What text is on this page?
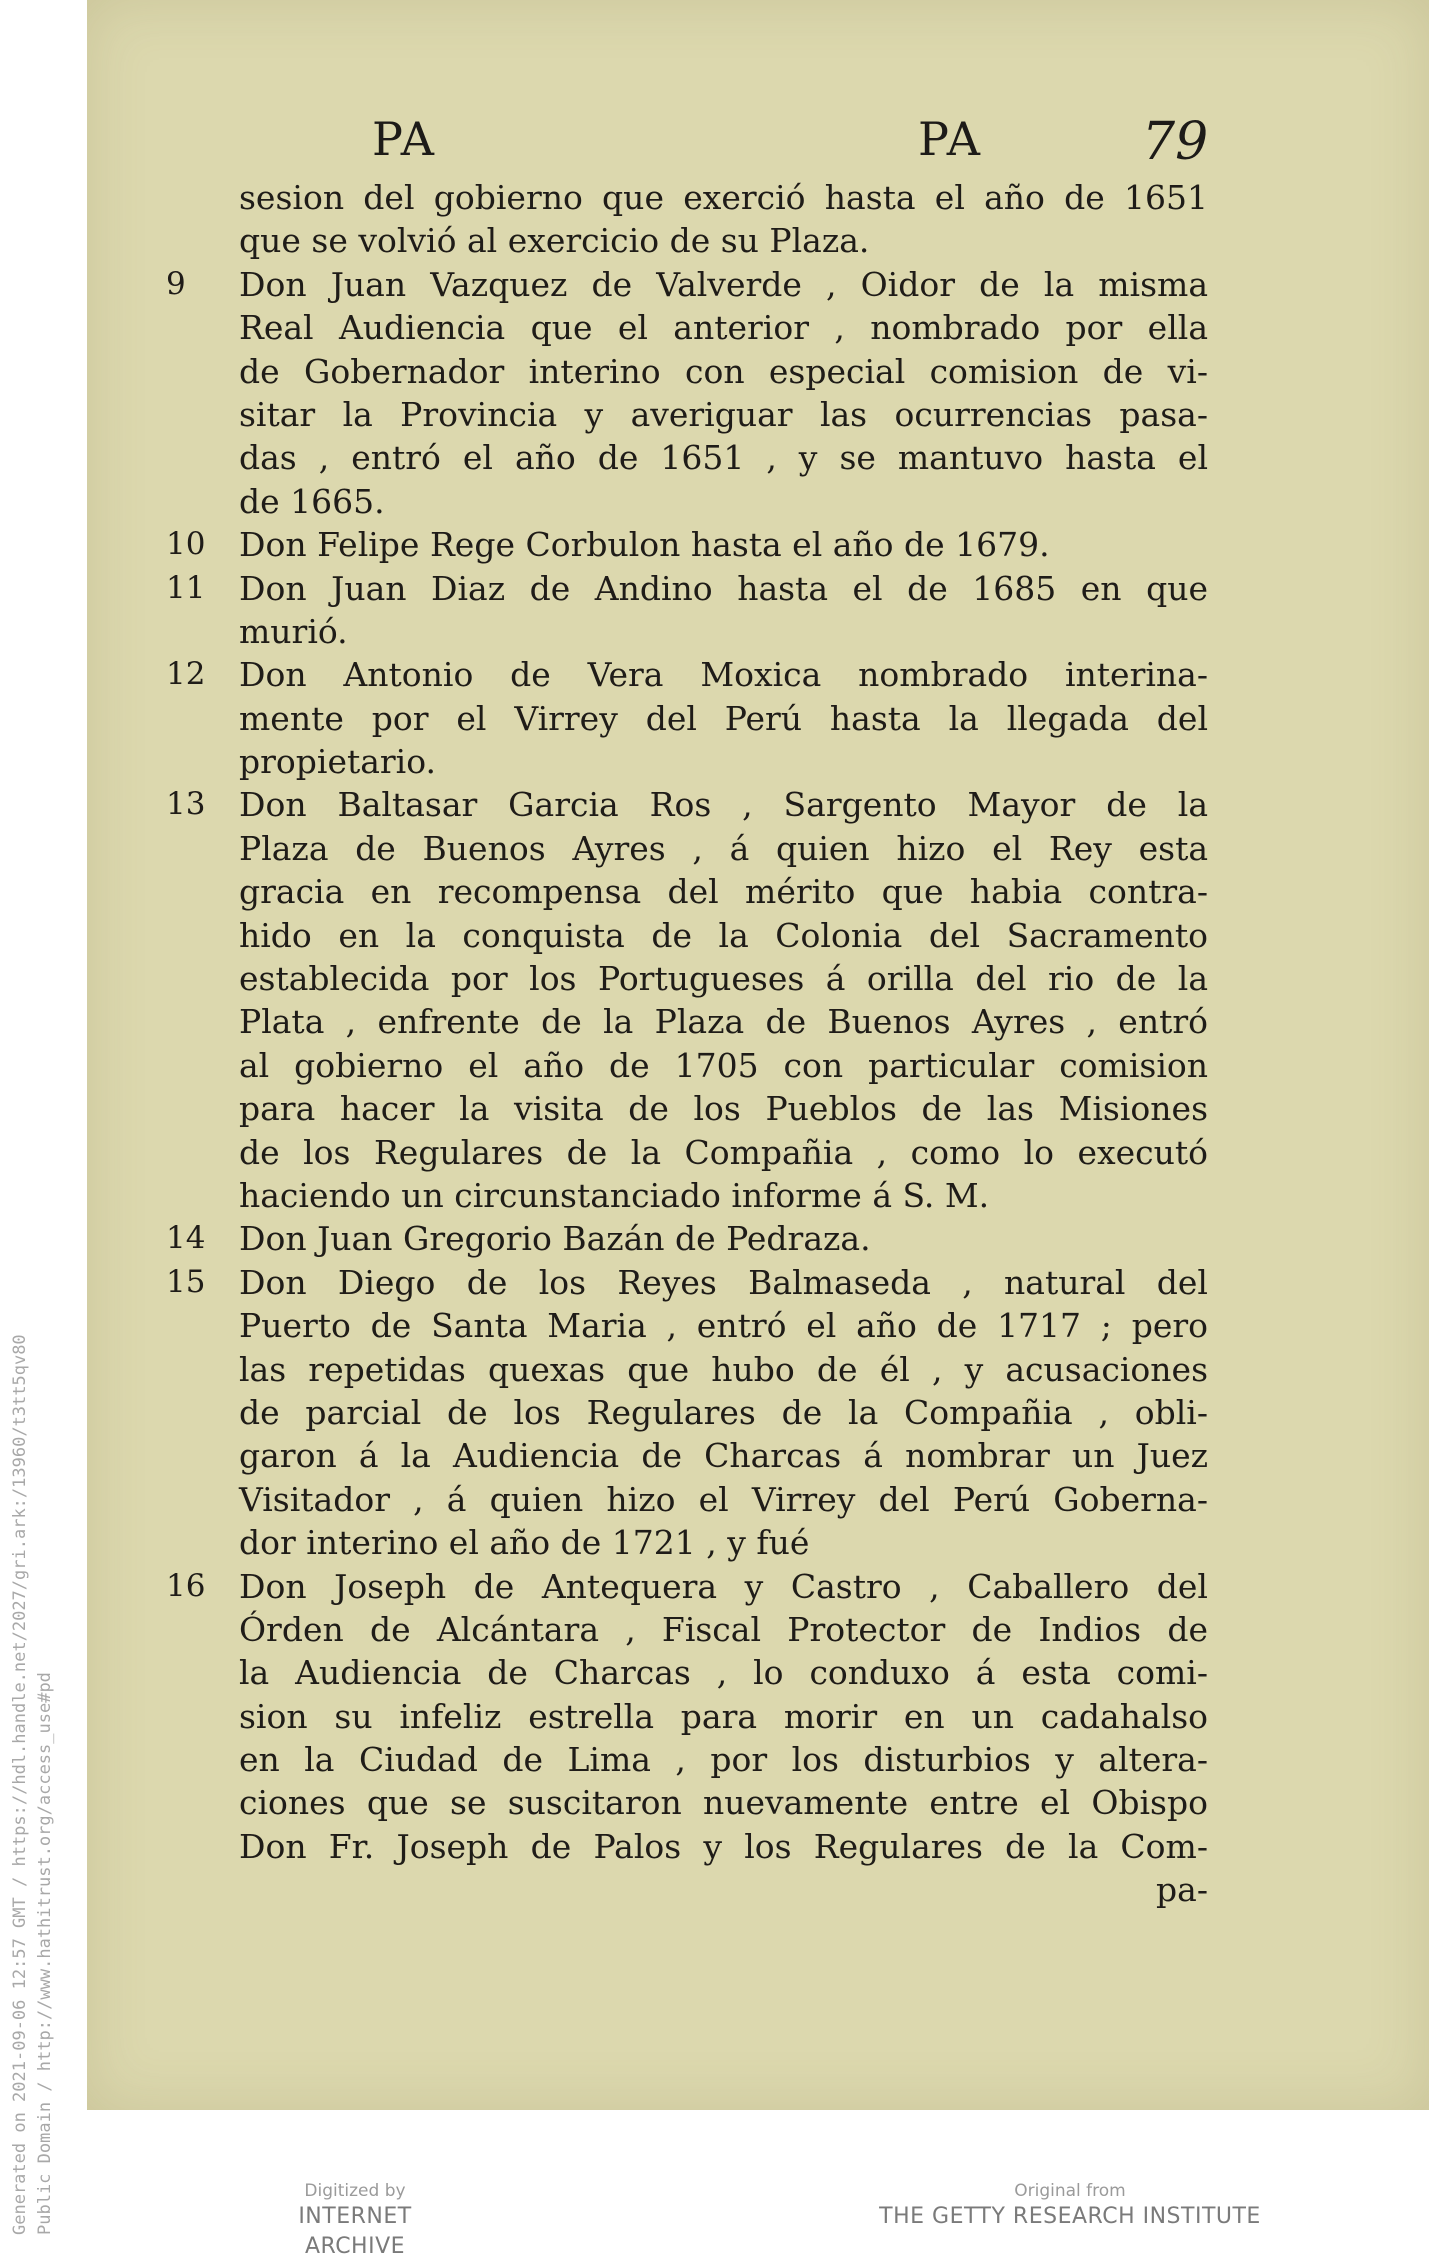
Generated on 2021-09-06 12:57 GMT / https://hdl.handle.net/2027/gri.ark:/13960/t3tt5qv80 Public Domain / http://www.hathitrust.org/access_use#pd
PA	PA	79
sesion del gobierno que exerció hasta el año de 1651
que se volvió al exercicio de su Plaza.
9	Don Juan Vazquez de Valverde , Oidor de la misma
Real Audiencia que el anterior , nombrado por ella
de Gobernador interino con especial comision de vi-
sitar la Provincia y averiguar las ocurrencias pasa-
das , entró el año de 1651 , y se mantuvo hasta el
de 1665.
10	Don Felipe Rege Corbulon hasta el año de 1679.
11	Don Juan Diaz de Andino hasta el de 1685 en que
murió.
12	Don Antonio de Vera Moxica nombrado interina-
mente por el Virrey del Perú hasta la llegada del
propietario.
13	Don Baltasar Garcia Ros , Sargento Mayor de la
Plaza de Buenos Ayres , á quien hizo el Rey esta
gracia en recompensa del mérito que habia contra-
hido en la conquista de la Colonia del Sacramento
establecida por los Portugueses á orilla del rio de la
Plata , enfrente de la Plaza de Buenos Ayres , entró
al gobierno el año de 1705 con particular comision
para hacer la visita de los Pueblos de las Misiones
de los Regulares de la Compañia , como lo executó
haciendo un circunstanciado informe á S. M.
14	Don Juan Gregorio Bazán de Pedraza.
15	Don Diego de los Reyes Balmaseda , natural del
Puerto de Santa Maria , entró el año de 1717 ; pero
las repetidas quexas que hubo de él , y acusaciones
de parcial de los Regulares de la Compañia , obli-
garon á la Audiencia de Charcas á nombrar un Juez
Visitador , á quien hizo el Virrey del Perú Goberna-
dor interino el año de 1721 , y fué
16	Don Joseph de Antequera y Castro , Caballero del
Órden de Alcántara , Fiscal Protector de Indios de
la Audiencia de Charcas , lo conduxo á esta comi-
sion su infeliz estrella para morir en un cadahalso
en la Ciudad de Lima , por los disturbios y altera-
ciones que se suscitaron nuevamente entre el Obispo
Don Fr. Joseph de Palos y los Regulares de la Com-
pa-
Digitized by
INTERNET ARCHIVE
Original from
THE GETTY RESEARCH INSTITUTE
